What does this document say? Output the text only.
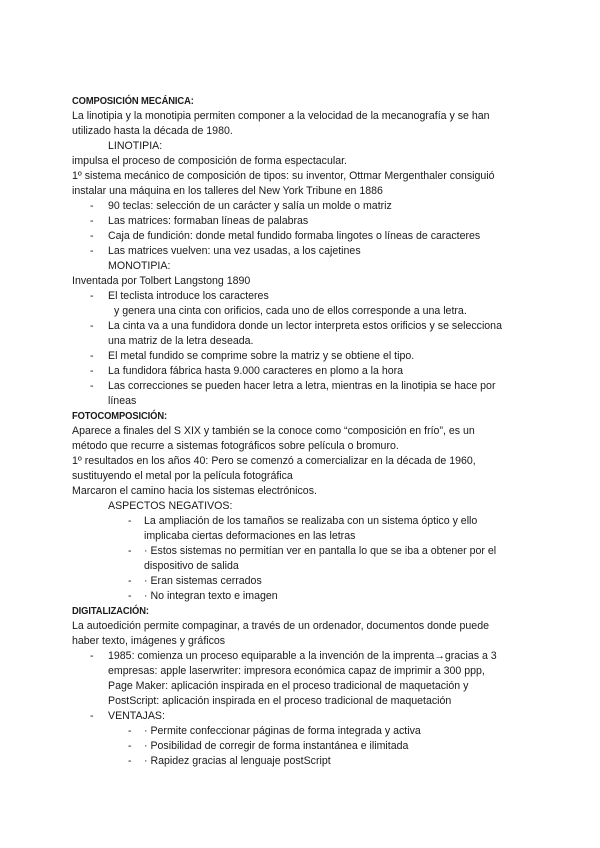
COMPOSICIÓN MECÁNICA:
La linotipia y la monotipia permiten componer a la velocidad de la mecanografía y se han
utilizado hasta la década de 1980.
LINOTIPIA:
impulsa el proceso de composición de forma espectacular.
1º sistema mecánico de composición de tipos: su inventor, Ottmar Mergenthaler consiguió
instalar una máquina en los talleres del New York Tribune en 1886
- 90 teclas: selección de un carácter y salía un molde o matriz
- Las matrices: formaban líneas de palabras
- Caja de fundición: donde metal fundido formaba lingotes o líneas de caracteres
- Las matrices vuelven: una vez usadas, a los cajetines
MONOTIPIA:
Inventada por Tolbert Langstong 1890
- El teclista introduce los caracteres
y genera una cinta con orificios, cada uno de ellos corresponde a una letra.
- La cinta va a una fundidora donde un lector interpreta estos orificios y se selecciona
una matriz de la letra deseada.
- El metal fundido se comprime sobre la matriz y se obtiene el tipo.
- La fundidora fábrica hasta 9.000 caracteres en plomo a la hora
- Las correcciones se pueden hacer letra a letra, mientras en la linotipia se hace por
líneas
FOTOCOMPOSICIÓN:
Aparece a finales del S XIX y también se la conoce como “composición en frío”, es un
método que recurre a sistemas fotográficos sobre película o bromuro.
1º resultados en los años 40: Pero se comenzó a comercializar en la década de 1960,
sustituyendo el metal por la película fotográfica
Marcaron el camino hacia los sistemas electrónicos.
ASPECTOS NEGATIVOS:
- La ampliación de los tamaños se realizaba con un sistema óptico y ello
implicaba ciertas deformaciones en las letras
- · Estos sistemas no permitían ver en pantalla lo que se iba a obtener por el
dispositivo de salida
- · Eran sistemas cerrados
- · No integran texto e imagen
DIGITALIZACIÓN:
La autoedición permite compaginar, a través de un ordenador, documentos donde puede
haber texto, imágenes y gráficos
- 1985: comienza un proceso equiparable a la invención de la imprenta→gracias a 3
empresas: apple laserwriter: impresora económica capaz de imprimir a 300 ppp,
Page Maker: aplicación inspirada en el proceso tradicional de maquetación y
PostScript: aplicación inspirada en el proceso tradicional de maquetación
- VENTAJAS:
- · Permite confeccionar páginas de forma integrada y activa
- · Posibilidad de corregir de forma instantánea e ilimitada
- · Rapidez gracias al lenguaje postScript
